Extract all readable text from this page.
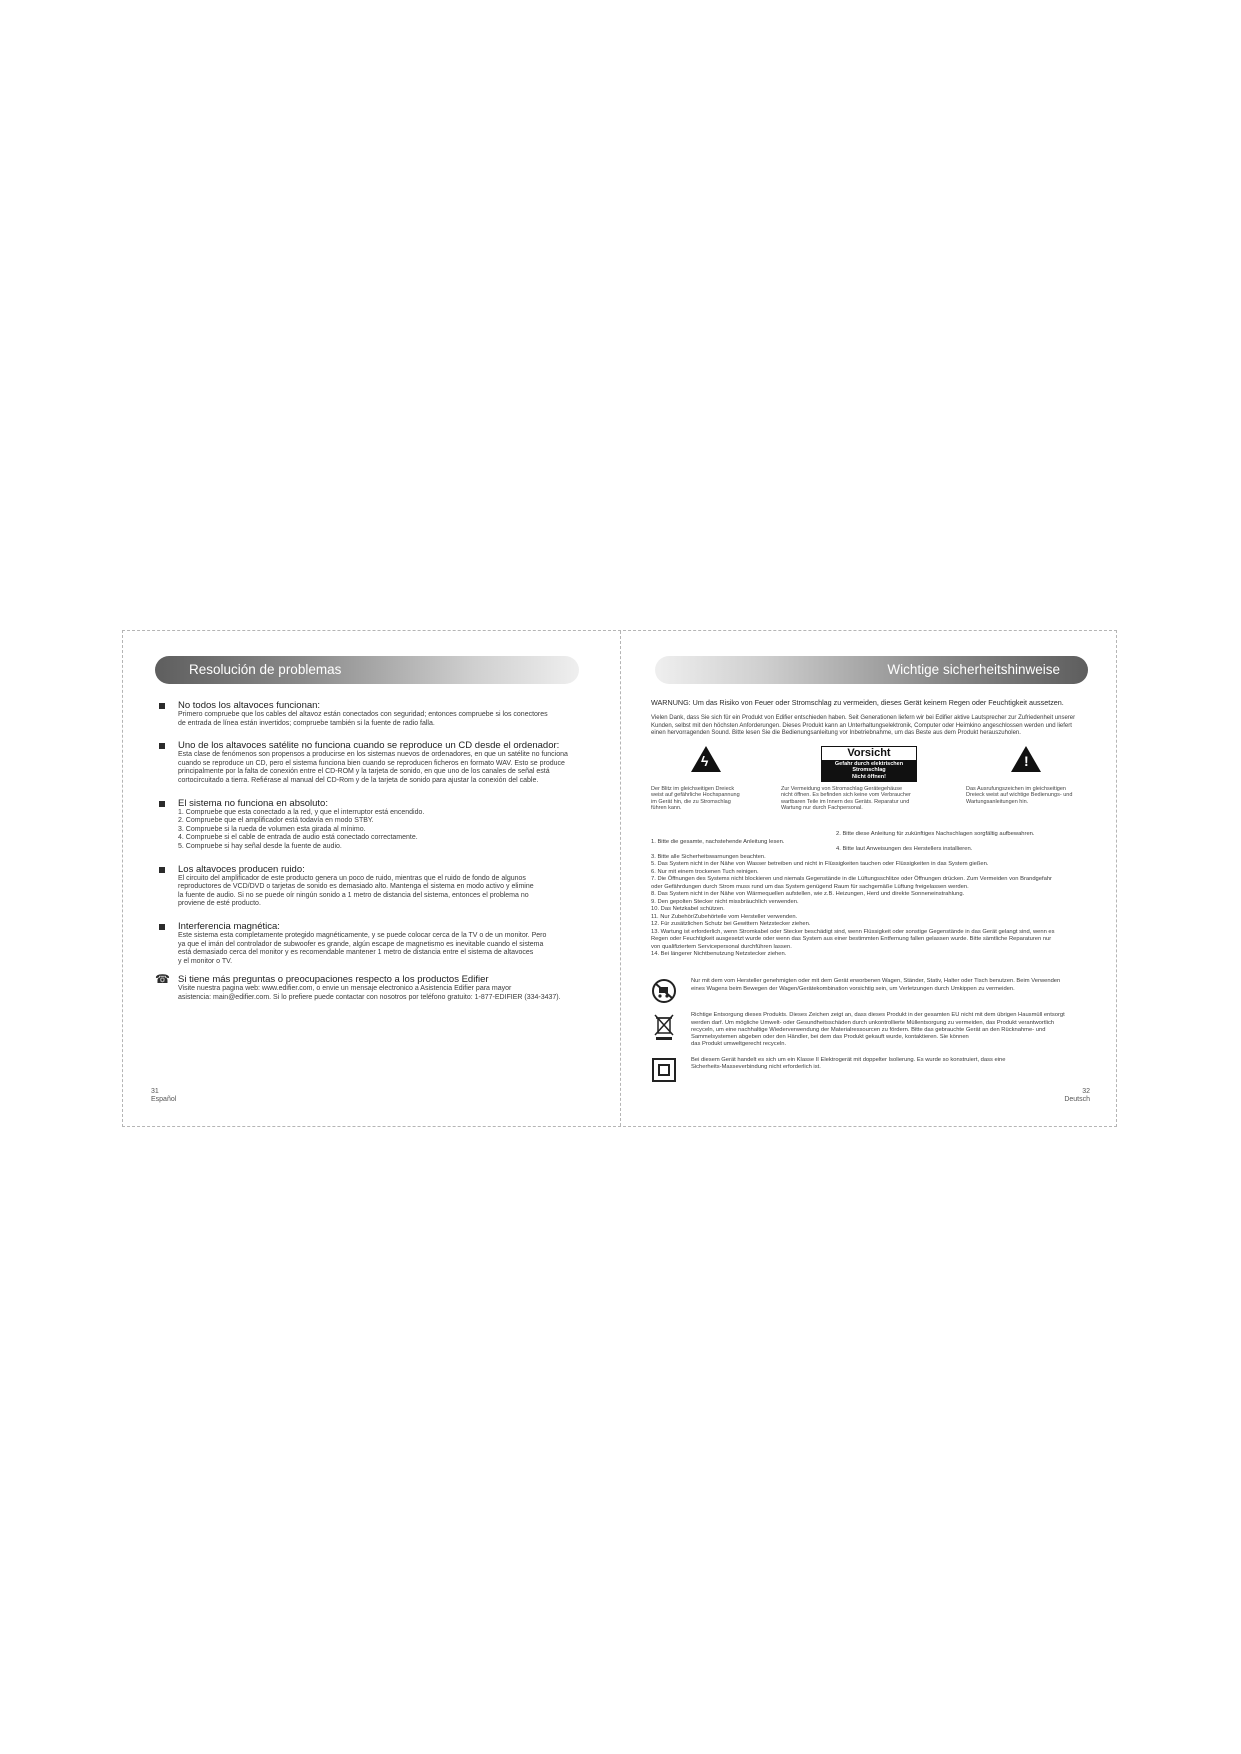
Resolución de problemas
No todos los altavoces funcionan:
Primero compruebe que los cables del altavoz están conectados con seguridad; entonces compruebe si los conectores
de entrada de línea están invertidos; compruebe también si la fuente de radio falla.
Uno de los altavoces satélite no funciona cuando se reproduce un CD desde el ordenador:
Esta clase de fenómenos son propensos a producirse en los sistemas nuevos de ordenadores, en que un satélite no funciona
cuando se reproduce un CD, pero el sistema funciona bien cuando se reproducen ficheros en formato WAV. Esto se produce
principalmente por la falta de conexión entre el CD-ROM y la tarjeta de sonido, en que uno de los canales de señal está
cortocircuitado a tierra. Refiérase al manual del CD-Rom y de la tarjeta de sonido para ajustar la conexión del cable.
El sistema no funciona en absoluto:
1. Compruebe que esta conectado a la red, y que el interruptor está encendido.
2. Compruebe que el amplificador está todavía en modo STBY.
3. Compruebe si la rueda de volumen esta girada al mínimo.
4. Compruebe si el cable de entrada de audio está conectado correctamente.
5. Compruebe si hay señal desde la fuente de audio.
Los altavoces producen ruido:
El circuito del amplificador de este producto genera un poco de ruido, mientras que el ruido de fondo de algunos
reproductores de VCD/DVD o tarjetas de sonido es demasiado alto. Mantenga el sistema en modo activo y elimine
la fuente de audio. Si no se puede oír ningún sonido a 1 metro de distancia del sistema, entonces el problema no
proviene de esté producto.
Interferencia magnética:
Este sistema esta completamente protegido magnéticamente, y se puede colocar cerca de la TV o de un monitor. Pero
ya que el imán del controlador de subwoofer es grande, algún escape de magnetismo es inevitable cuando el sistema
está demasiado cerca del monitor y es recomendable mantener 1 metro de distancia entre el sistema de altavoces
y el monitor o TV.
☎ Si tiene más preguntas o preocupaciones respecto a los productos Edifier
Visite nuestra pagina web: www.edifier.com, o envie un mensaje electronico a Asistencia Edifier para mayor
asistencia: main@edifier.com. Si lo prefiere puede contactar con nosotros por teléfono gratuito: 1-877-EDIFIER (334-3437).
31
Español
Wichtige sicherheitshinweise
WARNUNG: Um das Risiko von Feuer oder Stromschlag zu vermeiden, dieses Gerät keinem Regen oder Feuchtigkeit aussetzen.
Vielen Dank, dass Sie sich für ein Produkt von Edifier entschieden haben. Seit Generationen liefern wir bei Edifier aktive Lautsprecher zur Zufriedenheit unserer
Kunden, selbst mit den höchsten Anforderungen. Dieses Produkt kann an Unterhaltungselektronik, Computer oder Heimkino angeschlossen werden und liefert
einen hervorragenden Sound. Bitte lesen Sie die Bedienungsanleitung vor Inbetriebnahme, um das Beste aus dem Produkt herauszuholen.
ϟ	Vorsicht
Gefahr durch elektrischen
Stromschlag
Nicht öffnen!
!
Der Blitz im gleichseitigen Dreieck
weist auf gefährliche Hochspannung
im Gerät hin, die zu Stromschlag
führen kann.
Zur Vermeidung von Stromschlag Gerätegehäuse
nicht öffnen. Es befinden sich keine vom Verbraucher
wartbaren Teile im Innern des Geräts. Reparatur und
Wartung nur durch Fachpersonal.
Das Ausrufungszeichen im gleichseitigen
Dreieck weist auf wichtige Bedienungs- und
Wartungsanleitungen hin.

1. Bitte die gesamte, nachstehende Anleitung lesen.

2. Bitte diese Anleitung für zukünftiges Nachschlagen sorgfältig aufbewahren.

3. Bitte alle Sicherheitswarnungen beachten.

4. Bitte laut Anweisungen des Herstellers installieren.

5. Das System nicht in der Nähe von Wasser betreiben und nicht in Flüssigkeiten tauchen oder Flüssigkeiten in das System gießen.
6. Nur mit einem trockenen Tuch reinigen.
7. Die Öffnungen des Systems nicht blockieren und niemals Gegenstände in die Lüftungsschlitze oder Öffnungen drücken. Zum Vermeiden von Brandgefahr
oder Gefährdungen durch Strom muss rund um das System genügend Raum für sachgemäße Lüftung freigelassen werden.
8. Das System nicht in der Nähe von Wärmequellen aufstellen, wie z.B. Heizungen, Herd und direkte Sonneneinstrahlung.
9. Den gepolten Stecker nicht missbräuchlich verwenden.
10. Das Netzkabel schützen.
11. Nur Zubehör/Zubehörteile vom Hersteller verwenden.
12. Für zusätzlichen Schutz bei Gewittern Netzstecker ziehen.
13. Wartung ist erforderlich, wenn Stromkabel oder Stecker beschädigt sind, wenn Flüssigkeit oder sonstige Gegenstände in das Gerät gelangt sind, wenn es
Regen oder Feuchtigkeit ausgesetzt wurde oder wenn das System aus einer bestimmten Entfernung fallen gelassen wurde. Bitte sämtliche Reparaturen nur
von qualifiziertem Servicepersonal durchführen lassen.
14. Bei längerer Nichtbenutzung Netzstecker ziehen.

Nur mit dem vom Hersteller genehmigten oder mit dem Gerät erworbenen Wagen, Ständer, Stativ, Halter oder Tisch benutzen. Beim Verwenden
eines Wagens beim Bewegen der Wagen/Gerätekombination vorsichtig sein, um Verletzungen durch Umkippen zu vermeiden.
Richtige Entsorgung dieses Produkts. Dieses Zeichen zeigt an, dass dieses Produkt in der gesamten EU nicht mit dem übrigen Hausmüll entsorgt
werden darf. Um mögliche Umwelt- oder Gesundheitsschäden durch unkontrollierte Müllentsorgung zu vermeiden, das Produkt verantwortlich
recyceln, um eine nachhaltige Wiederverwendung der Materialressourcen zu fördern. Bitte das gebrauchte Gerät an den Rücknahme- und
Sammelsystemen abgeben oder den Händler, bei dem das Produkt gekauft wurde, kontaktieren. Sie können
das Produkt umweltgerecht recyceln.
Bei diesem Gerät handelt es sich um ein Klasse II Elektrogerät mit doppelter Isolierung. Es wurde so konstruiert, dass eine
Sicherheits-Masseverbindung nicht erforderlich ist.
32
Deutsch
